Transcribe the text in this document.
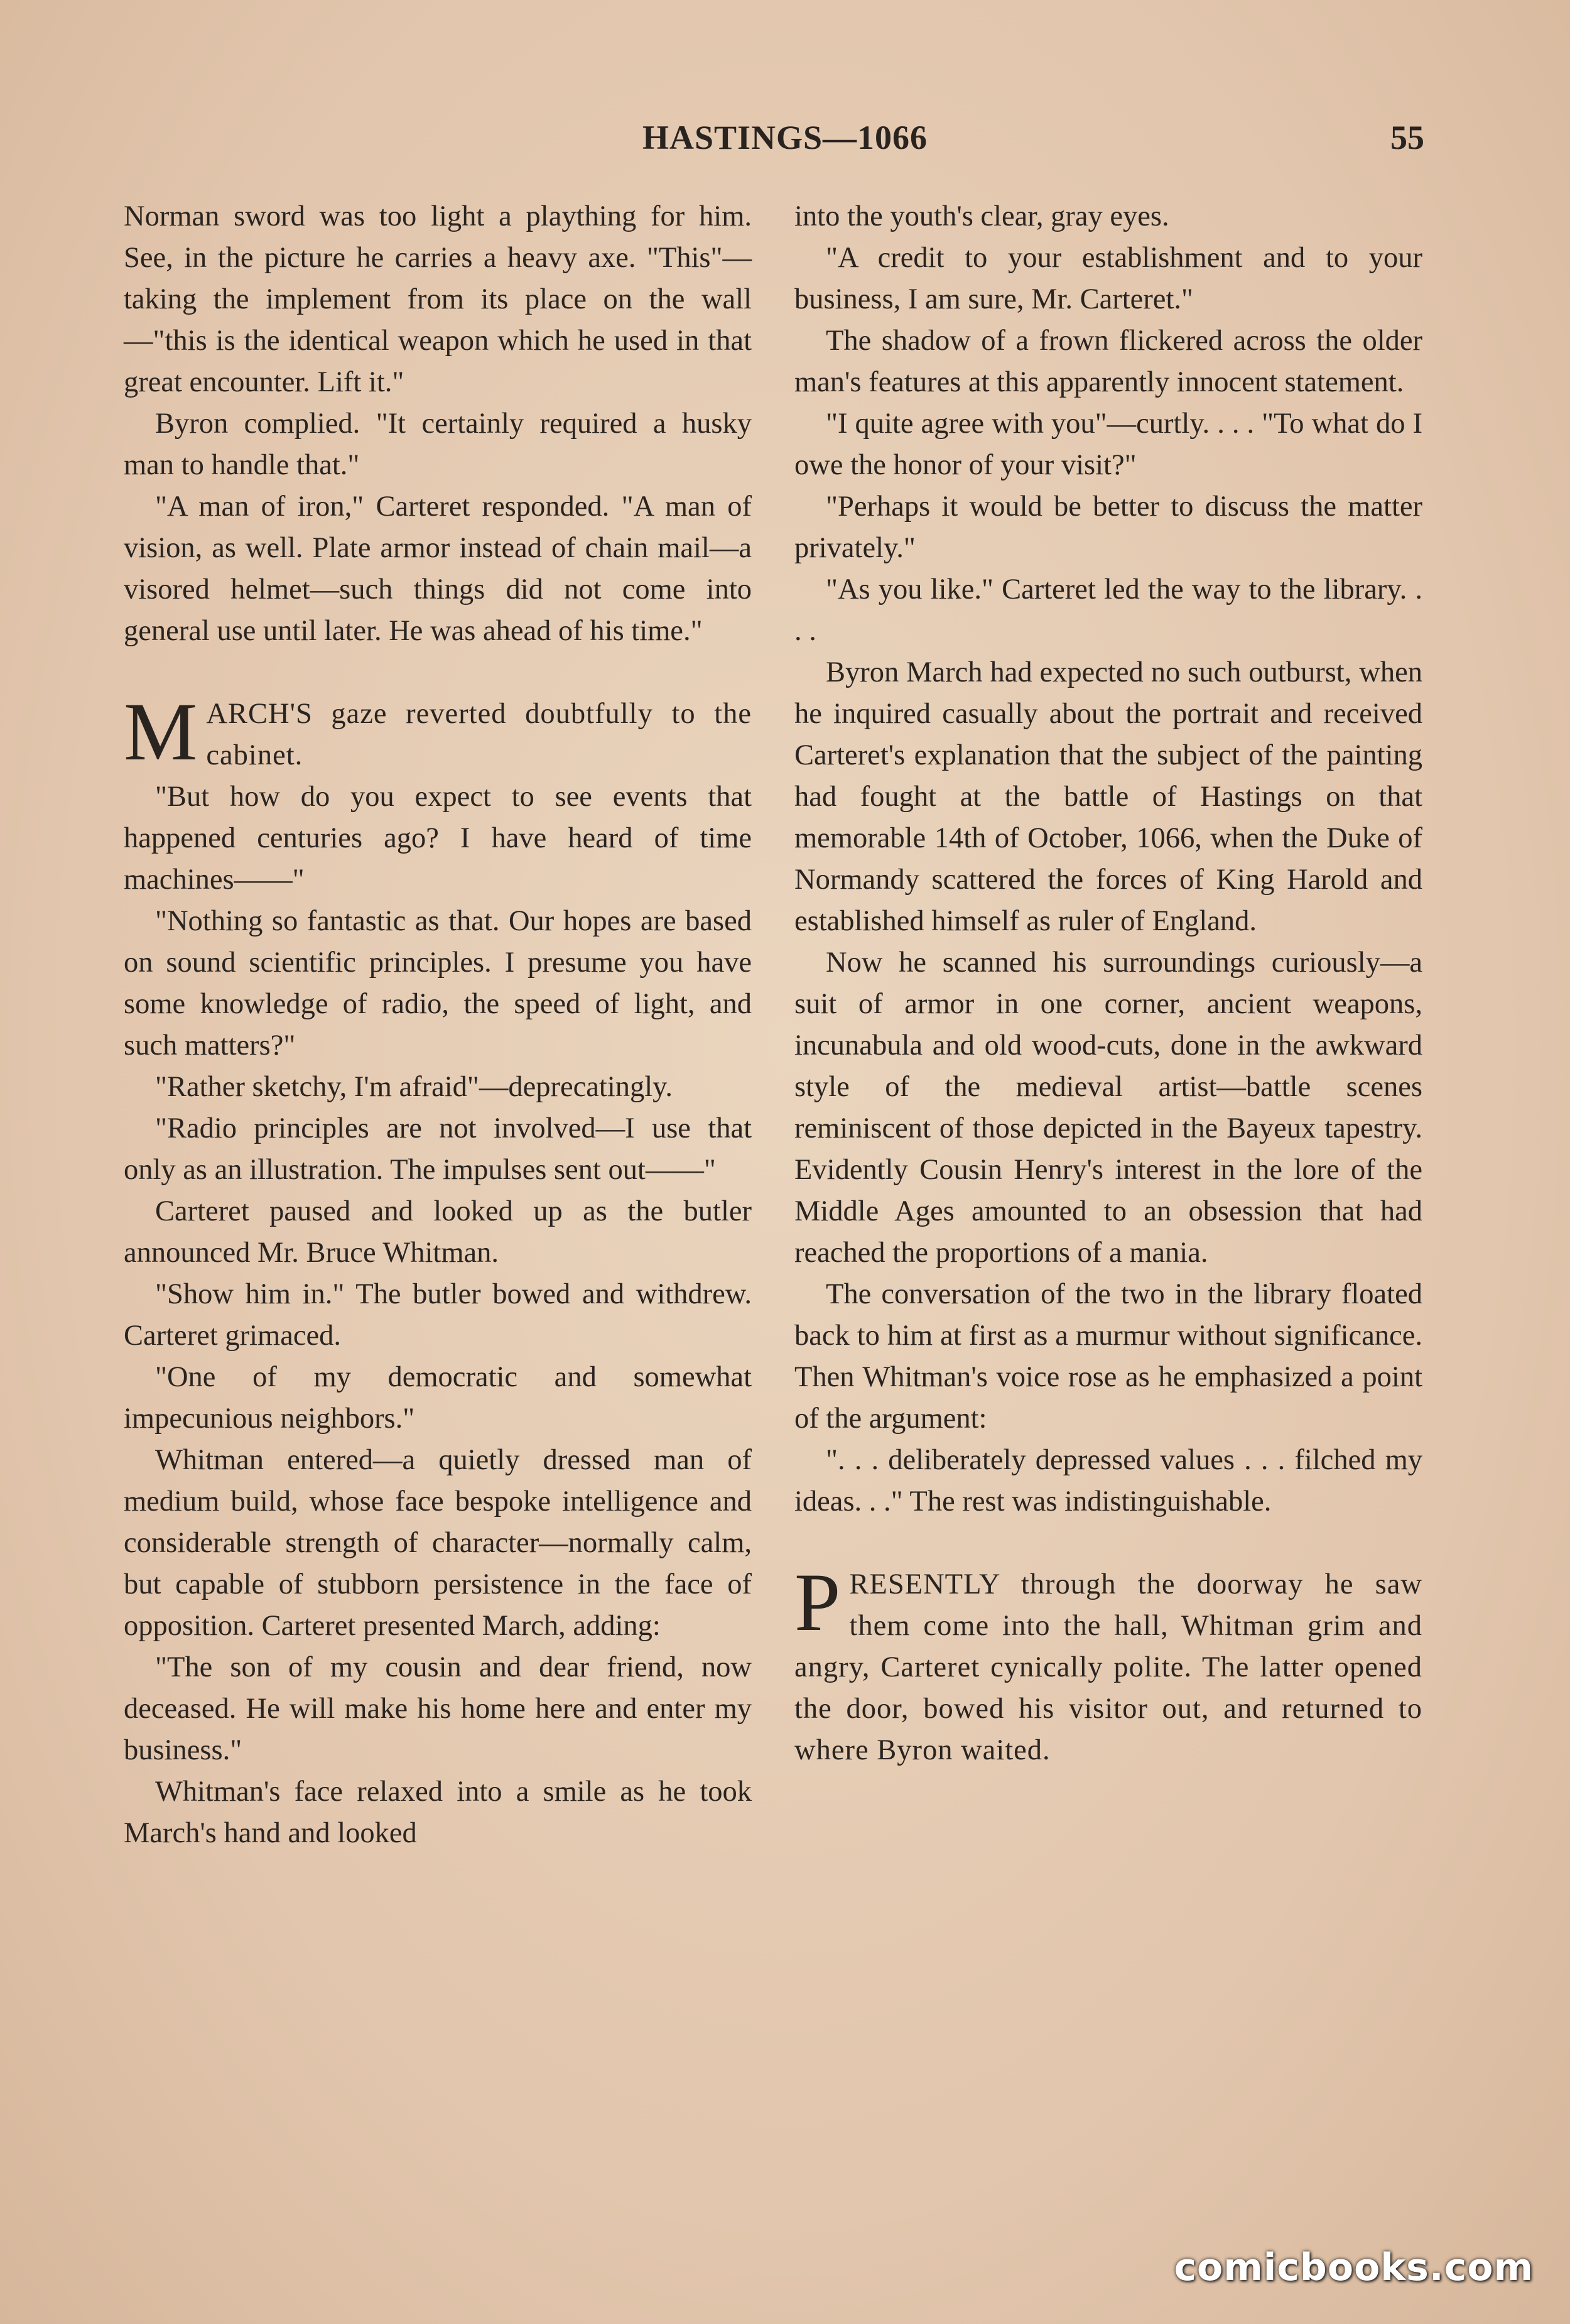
HASTINGS—1066	55

Norman sword was too light a plaything for him. See, in the picture he carries a heavy axe. "This"—taking the implement from its place on the wall—"this is the identical weapon which he used in that great encounter. Lift it."

Byron complied. "It certainly required a husky man to handle that."

"A man of iron," Carteret responded. "A man of vision, as well. Plate armor instead of chain mail—a visored helmet—such things did not come into general use until later. He was ahead of his time."

MARCH'S gaze reverted doubtfully to the cabinet.

"But how do you expect to see events that happened centuries ago? I have heard of time machines——"

"Nothing so fantastic as that. Our hopes are based on sound scientific principles. I presume you have some knowledge of radio, the speed of light, and such matters?"

"Rather sketchy, I'm afraid"—deprecatingly.

"Radio principles are not involved—I use that only as an illustration. The impulses sent out——"

Carteret paused and looked up as the butler announced Mr. Bruce Whitman.

"Show him in." The butler bowed and withdrew. Carteret grimaced.

"One of my democratic and somewhat impecunious neighbors."

Whitman entered—a quietly dressed man of medium build, whose face bespoke intelligence and considerable strength of character—normally calm, but capable of stubborn persistence in the face of opposition. Carteret presented March, adding:

"The son of my cousin and dear friend, now deceased. He will make his home here and enter my business."

Whitman's face relaxed into a smile as he took March's hand and looked

into the youth's clear, gray eyes.

"A credit to your establishment and to your business, I am sure, Mr. Carteret."

The shadow of a frown flickered across the older man's features at this apparently innocent statement.

"I quite agree with you"—curtly. . . . "To what do I owe the honor of your visit?"

"Perhaps it would be better to discuss the matter privately."

"As you like." Carteret led the way to the library. . . .

Byron March had expected no such outburst, when he inquired casually about the portrait and received Carteret's explanation that the subject of the painting had fought at the battle of Hastings on that memorable 14th of October, 1066, when the Duke of Normandy scattered the forces of King Harold and established himself as ruler of England.

Now he scanned his surroundings curiously—a suit of armor in one corner, ancient weapons, incunabula and old wood-cuts, done in the awkward style of the medieval artist—battle scenes reminiscent of those depicted in the Bayeux tapestry. Evidently Cousin Henry's interest in the lore of the Middle Ages amounted to an obsession that had reached the proportions of a mania.

The conversation of the two in the library floated back to him at first as a murmur without significance. Then Whitman's voice rose as he emphasized a point of the argument:

". . . deliberately depressed values . . . filched my ideas. . ." The rest was indistinguishable.

PRESENTLY through the doorway he saw them come into the hall, Whitman grim and angry, Carteret cynically polite. The latter opened the door, bowed his visitor out, and returned to where Byron waited.

comicbooks.com
